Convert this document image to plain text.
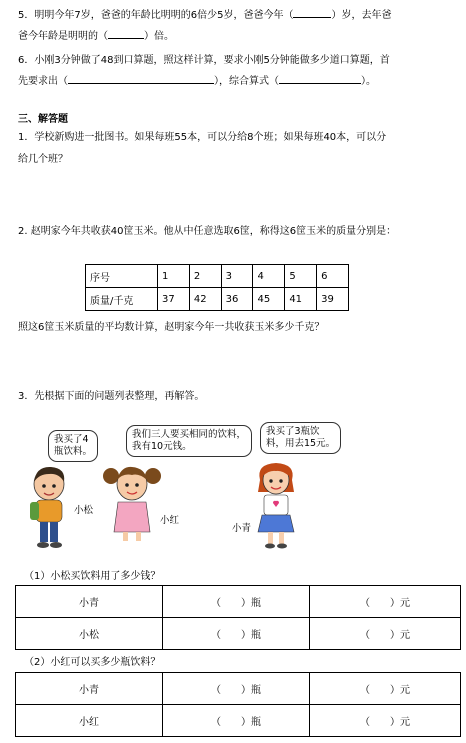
5．明明今年7岁，爸爸的年龄比明明的6倍少5岁，爸爸今年（	）岁，去年爸
爸今年龄是明明的（	）倍。
6．小刚3分钟做了48到口算题，照这样计算，要求小刚5分钟能做多少道口算题，首
先要求出（	），综合算式（	）。
三、解答题
1．学校新购进一批图书。如果每班55本，可以分给8个班；如果每班40本，可以分
给几个班？
2. 赵明家今年共收获40筐玉米。他从中任意选取6筐，称得这6筐玉米的质量分别是：
序号	1	2	3	4	5	6
质量/千克	37	42	36	45	41	39
照这6筐玉米质量的平均数计算，赵明家今年一共收获玉米多少千克？
3．先根据下面的问题列表整理，再解答。
我买了4
瓶饮料。
我们三人要买相同的饮料，
我有10元钱。
我买了3瓶饮
料，用去15元。
小松
小红
小青
（1）小松买饮料用了多少钱？
小青	（　　）瓶	（　　）元
小松	（　　）瓶	（　　）元
（2）小红可以买多少瓶饮料？
小青	（　　）瓶	（　　）元
小红	（　　）瓶	（　　）元
